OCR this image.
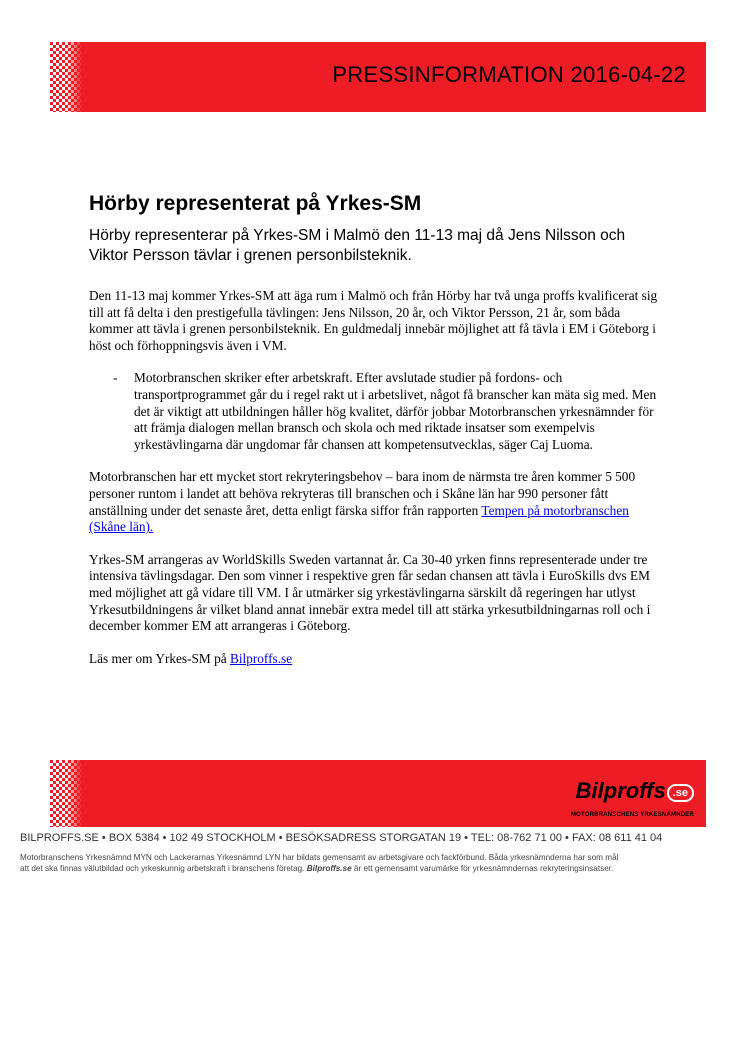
PRESSINFORMATION 2016-04-22
Hörby representerat på Yrkes-SM

Hörby representerar på Yrkes-SM i Malmö den 11-13 maj då Jens Nilsson och Viktor Persson tävlar i grenen personbilsteknik.

Den 11-13 maj kommer Yrkes-SM att äga rum i Malmö och från Hörby har två unga proffs kvalificerat sig till att få delta i den prestigefulla tävlingen: Jens Nilsson, 20 år, och Viktor Persson, 21 år, som båda kommer att tävla i grenen personbilsteknik. En guldmedalj innebär möjlighet att få tävla i EM i Göteborg i höst och förhoppningsvis även i VM.

- Motorbranschen skriker efter arbetskraft. Efter avslutade studier på fordons- och transportprogrammet går du i regel rakt ut i arbetslivet, något få branscher kan mäta sig med. Men det är viktigt att utbildningen håller hög kvalitet, därför jobbar Motorbranschen yrkesnämnder för att främja dialogen mellan bransch och skola och med riktade insatser som exempelvis yrkestävlingarna där ungdomar får chansen att kompetensutvecklas, säger Caj Luoma.

Motorbranschen har ett mycket stort rekryteringsbehov – bara inom de närmsta tre åren kommer 5 500 personer runtom i landet att behöva rekryteras till branschen och i Skåne län har 990 personer fått anställning under det senaste året, detta enligt färska siffor från rapporten Tempen på motorbranschen (Skåne län).

Yrkes-SM arrangeras av WorldSkills Sweden vartannat år. Ca 30-40 yrken finns representerade under tre intensiva tävlingsdagar. Den som vinner i respektive gren får sedan chansen att tävla i EuroSkills dvs EM med möjlighet att gå vidare till VM. I år utmärker sig yrkestävlingarna särskilt då regeringen har utlyst Yrkesutbildningens år vilket bland annat innebär extra medel till att stärka yrkesutbildningarnas roll och i december kommer EM att arrangeras i Göteborg.

Läs mer om Yrkes-SM på Bilproffs.se

Bilproffs .se
MOTORBRANSCHENS YRKESNÄMNDER
BILPROFFS.SE • BOX 5384 • 102 49 STOCKHOLM • BESÖKSADRESS STORGATAN 19 • TEL: 08-762 71 00 • FAX: 08 611 41 04
Motorbranschens Yrkesnämnd MYN och Lackerarnas Yrkesnämnd LYN har bildats gemensamt av arbetsgivare och fackförbund. Båda yrkesnämnderna har som mål
att det ska finnas välutbildad och yrkeskunnig arbetskraft i branschens företag. Bilproffs.se är ett gemensamt varumärke för yrkesnämndernas rekryteringsinsatser.
